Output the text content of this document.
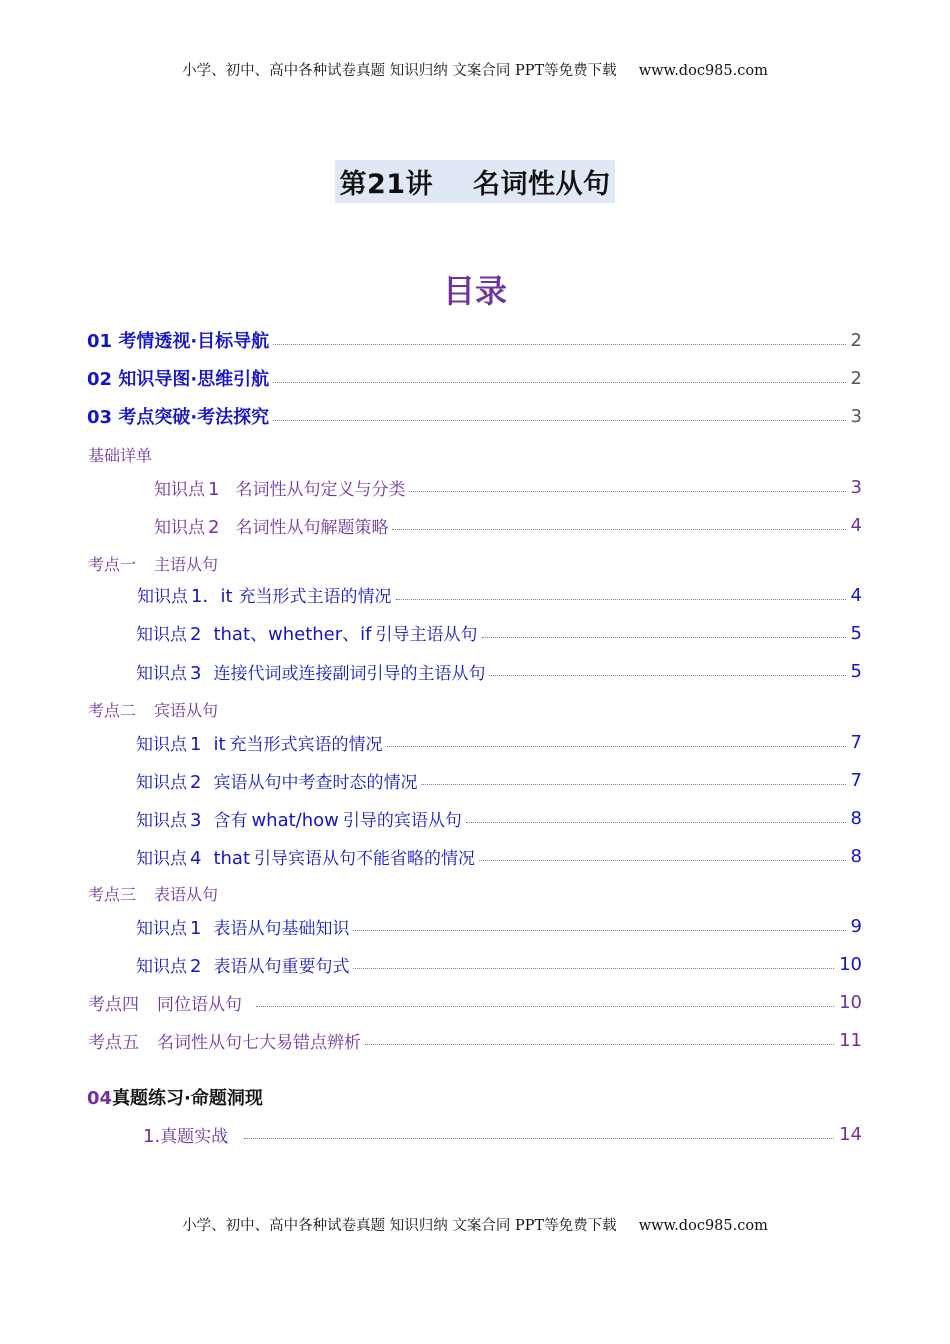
小学、初中、高中各种试卷真题 知识归纳 文案合同 PPT等免费下载 www.doc985.com
第21讲 名词性从句
目录
01 考情透视·目标导航	2
02 知识导图·思维引航	2
03 考点突破·考法探究	3
基础详单
知识点 1 名词性从句定义与分类	3
知识点 2 名词性从句解题策略	4
考点一 主语从句
知识点 1．it 充当形式主语的情况	4
知识点 2 that、whether、if 引导主语从句	5
知识点 3 连接代词或连接副词引导的主语从句	5
考点二 宾语从句
知识点 1 it 充当形式宾语的情况	7
知识点 2 宾语从句中考查时态的情况	7
知识点 3 含有 what/how 引导的宾语从句	8
知识点 4 that 引导宾语从句不能省略的情况	8
考点三 表语从句
知识点 1 表语从句基础知识	9
知识点 2 表语从句重要句式	10
考点四 同位语从句	10
考点五 名词性从句七大易错点辨析	11
04真题练习·命题洞现
1.真题实战	14
小学、初中、高中各种试卷真题 知识归纳 文案合同 PPT等免费下载 www.doc985.com
